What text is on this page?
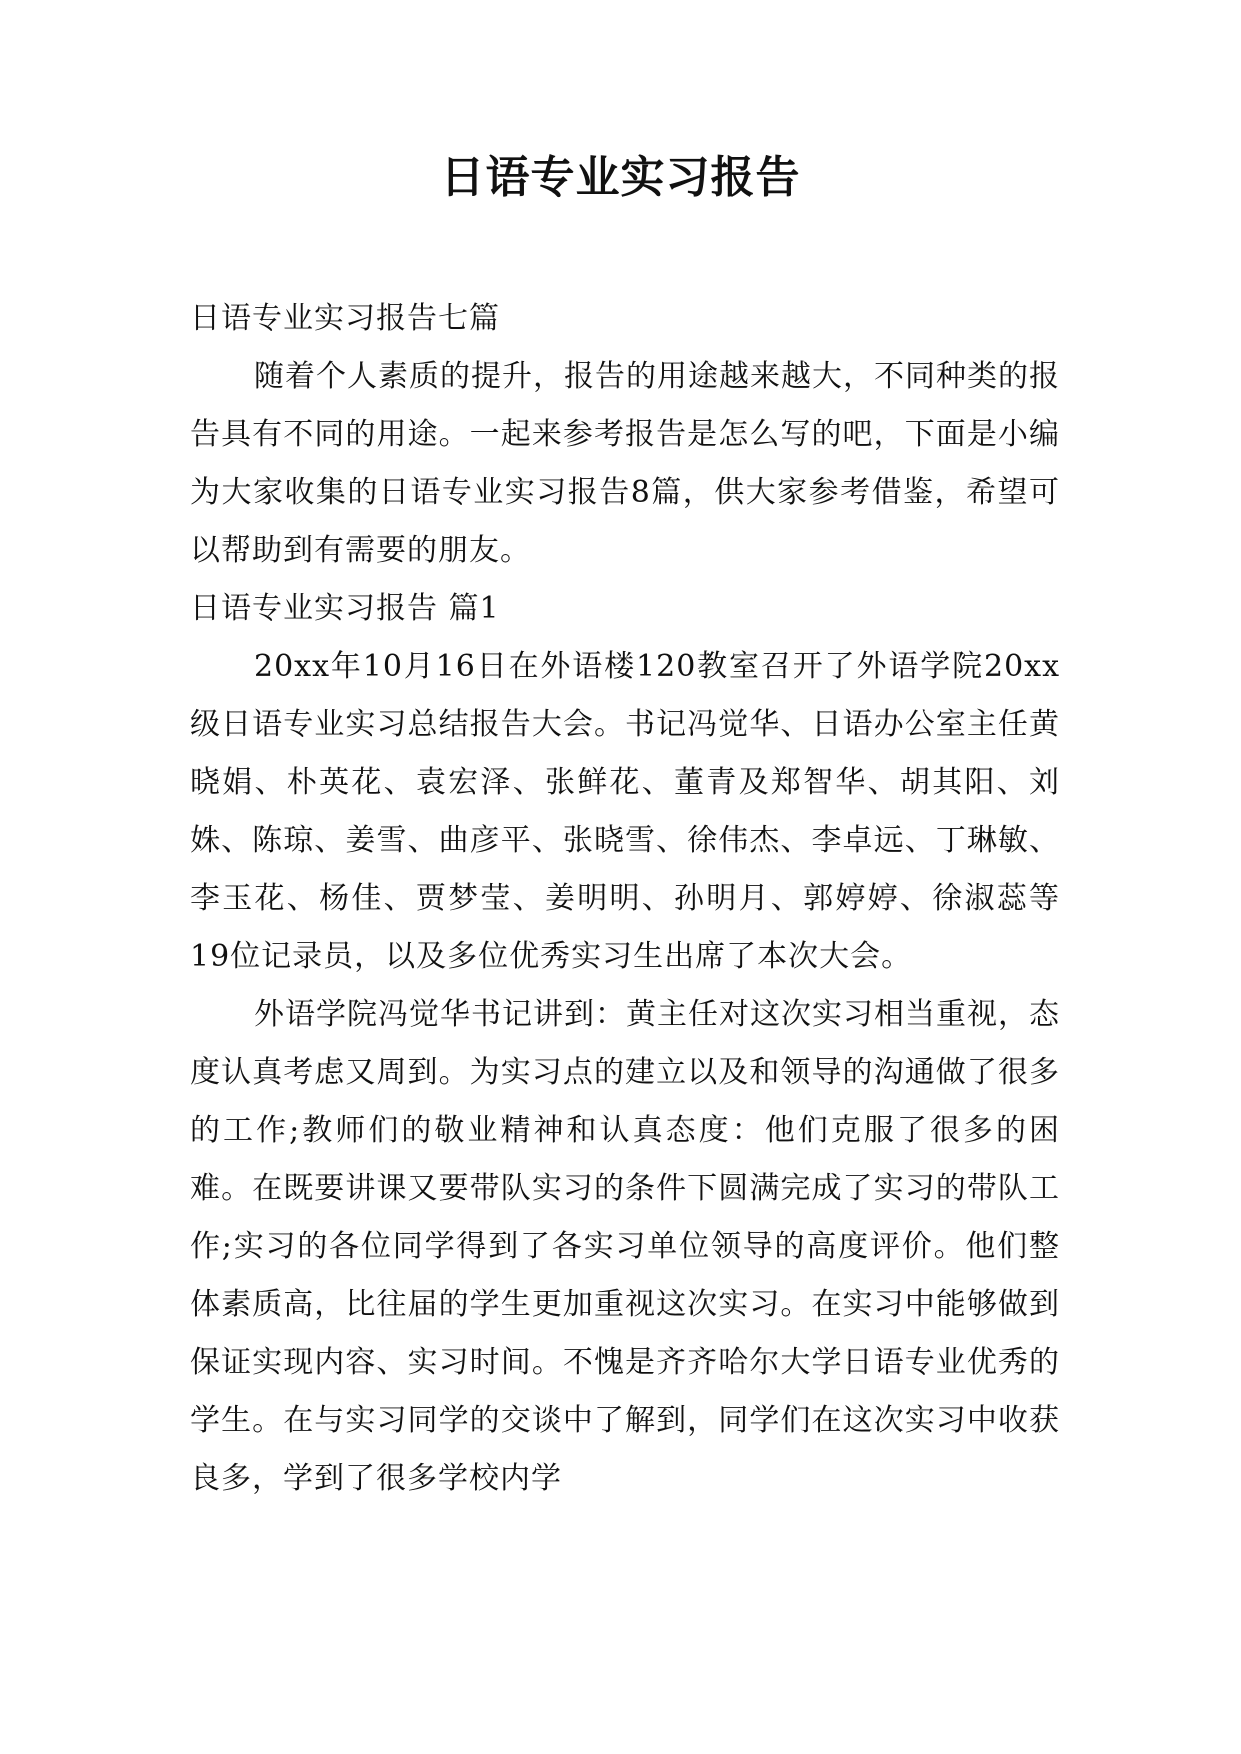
日语专业实习报告

日语专业实习报告七篇

随着个人素质的提升，报告的用途越来越大，不同种类的报告具有不同的用途。一起来参考报告是怎么写的吧，下面是小编为大家收集的日语专业实习报告8篇，供大家参考借鉴，希望可以帮助到有需要的朋友。

日语专业实习报告 篇1

20xx年10月16日在外语楼120教室召开了外语学院20xx级日语专业实习总结报告大会。书记冯觉华、日语办公室主任黄晓娟、朴英花、袁宏泽、张鲜花、董青及郑智华、胡其阳、刘姝、陈琼、姜雪、曲彦平、张晓雪、徐伟杰、李卓远、丁琳敏、李玉花、杨佳、贾梦莹、姜明明、孙明月、郭婷婷、徐淑蕊等19位记录员，以及多位优秀实习生出席了本次大会。

外语学院冯觉华书记讲到：黄主任对这次实习相当重视，态度认真考虑又周到。为实习点的建立以及和领导的沟通做了很多的工作;教师们的敬业精神和认真态度：他们克服了很多的困难。在既要讲课又要带队实习的条件下圆满完成了实习的带队工作;实习的各位同学得到了各实习单位领导的高度评价。他们整体素质高，比往届的学生更加重视这次实习。在实习中能够做到保证实现内容、实习时间。不愧是齐齐哈尔大学日语专业优秀的学生。在与实习同学的交谈中了解到，同学们在这次实习中收获良多，学到了很多学校内学
